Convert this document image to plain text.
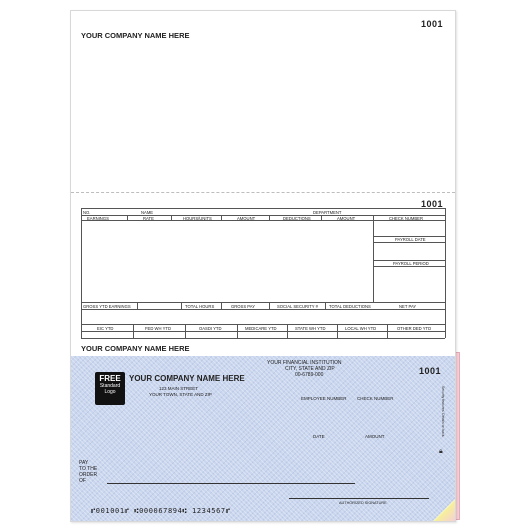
1001
YOUR COMPANY NAME HERE
1001
NO.	NAME	DEPARTMENT
EARNINGS	RATE	HOURS/UNITS	AMOUNT	DEDUCTIONS	AMOUNT	CHECK NUMBER
PAYROLL DATE
PAYROLL PERIOD
GROSS YTD EARNINGS	TOTAL HOURS	GROSS PAY	SOCIAL SECURITY #	TOTAL DEDUCTIONS	NET PAY
EIC YTD	FED WH YTD	OASDI YTD	MEDICARE YTD	STATE WH YTD	LOCAL WH YTD	OTHER DED YTD
YOUR COMPANY NAME HERE
FREE
Standard
Logo
YOUR COMPANY NAME HERE
123 MAIN STREET
YOUR TOWN, STATE AND ZIP
YOUR FINANCIAL INSTITUTION
CITY, STATE AND ZIP
00-6789-000	1001
EMPLOYEE NUMBER CHECK NUMBER
DATE	AMOUNT
PAY
TO THE
ORDER
OF
AUTHORIZED SIGNATURE
Security features. Details on back.
🔒︎
⑈001001⑈ ⑆000067894⑆ 1234567⑈
